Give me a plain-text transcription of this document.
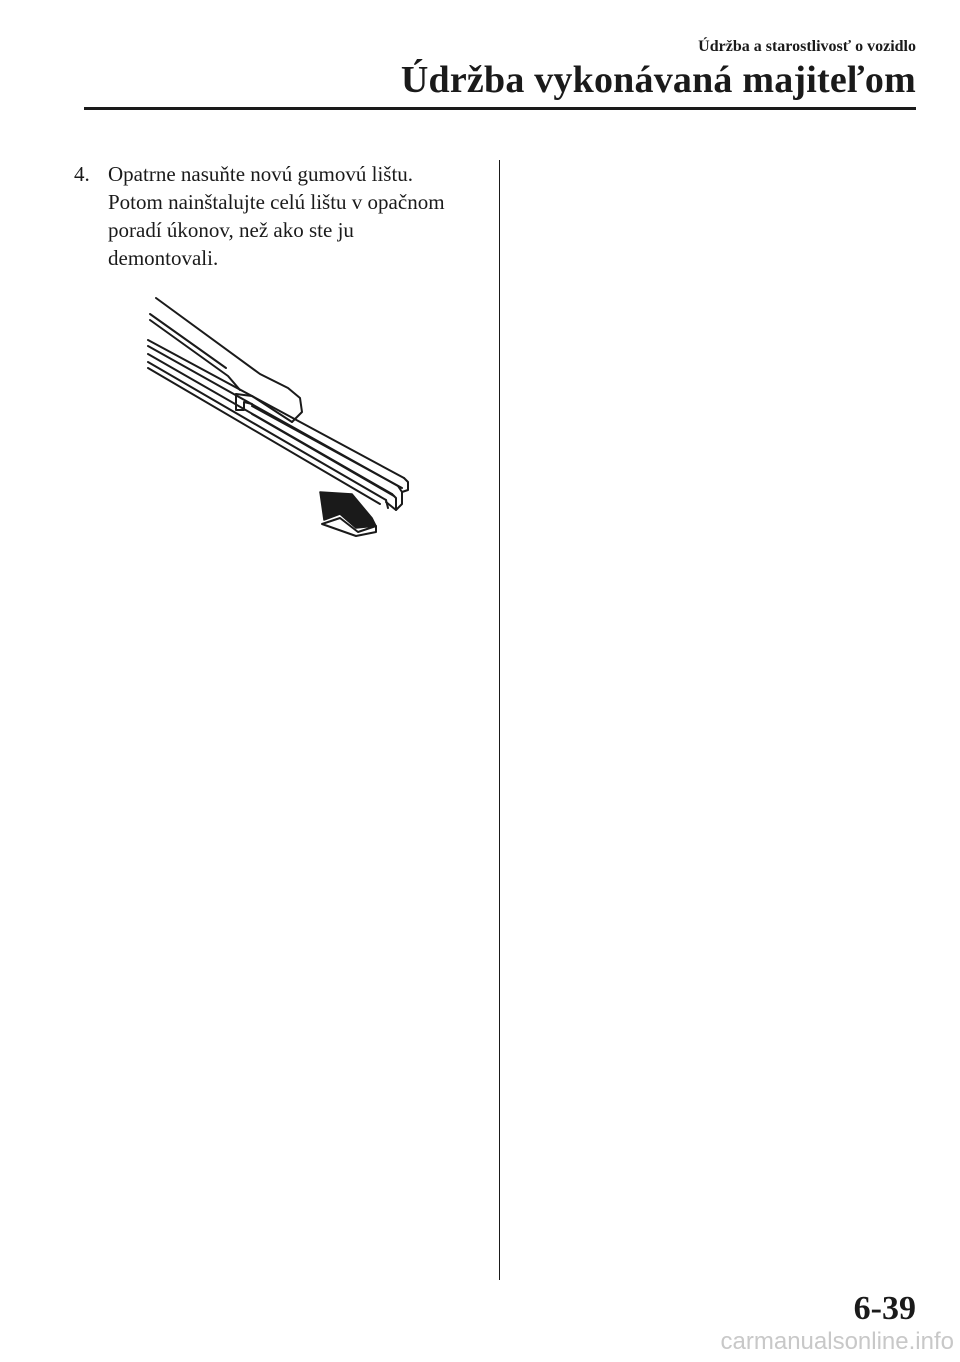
Údržba a starostlivosť o vozidlo
Údržba vykonávaná majiteľom
4. Opatrne nasuňte novú gumovú lištu.
Potom nainštalujte celú lištu v opačnom
poradí úkonov, než ako ste ju
demontovali.
6-39
carmanualsonline.info
